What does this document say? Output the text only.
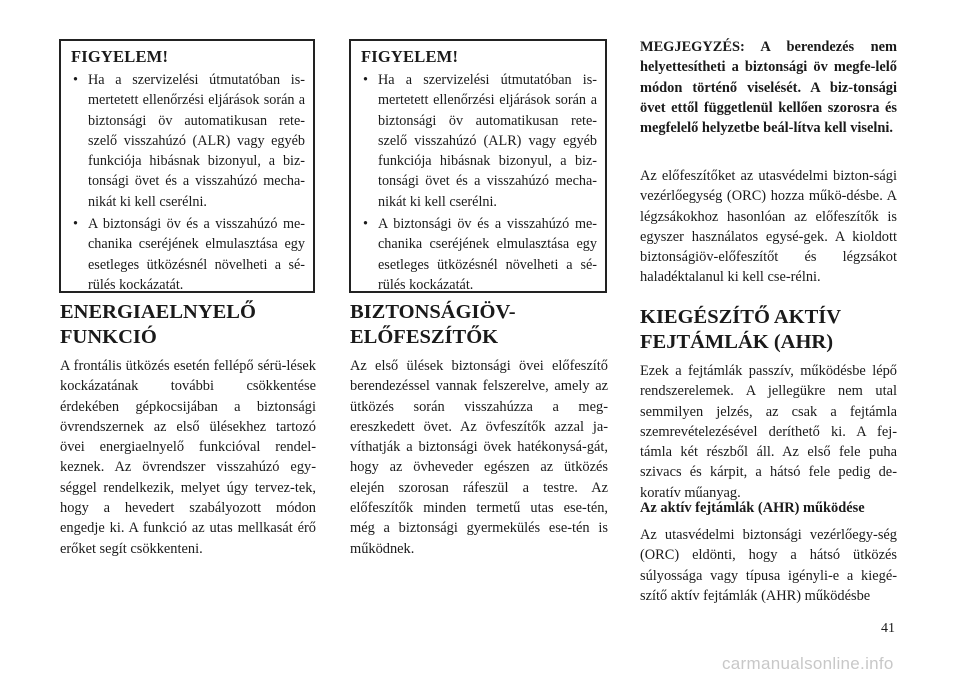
FIGYELEM!
• Ha a szervizelési útmutatóban is-mertetett ellenőrzési eljárások során a biztonsági öv automatikusan rete-szelő visszahúzó (ALR) vagy egyéb funkciója hibásnak bizonyul, a biz-tonsági övet és a visszahúzó mecha-nikát ki kell cserélni.
• A biztonsági öv és a visszahúzó me-chanika cseréjének elmulasztása egy esetleges ütközésnél növelheti a sé-rülés kockázatát.
ENERGIAELNYELŐ
FUNKCIÓ

A frontális ütközés esetén fellépő sérü-lések kockázatának további csökkentése érdekében gépkocsijában a biztonsági övrendszernek az első ülésekhez tartozó övei energiaelnyelő funkcióval rendel-keznek. Az övrendszer visszahúzó egy-séggel rendelkezik, melyet úgy tervez-tek, hogy a hevedert szabályozott módon engedje ki. A funkció az utas mellkasát érő erőket segít csökkenteni.

FIGYELEM!
• Ha a szervizelési útmutatóban is-mertetett ellenőrzési eljárások során a biztonsági öv automatikusan rete-szelő visszahúzó (ALR) vagy egyéb funkciója hibásnak bizonyul, a biz-tonsági övet és a visszahúzó mecha-nikát ki kell cserélni.
• A biztonsági öv és a visszahúzó me-chanika cseréjének elmulasztása egy esetleges ütközésnél növelheti a sé-rülés kockázatát.
BIZTONSÁGIÖV-
ELŐFESZÍTŐK

Az első ülések biztonsági övei előfeszítő berendezéssel vannak felszerelve, amely az ütközés során visszahúzza a meg-ereszkedett övet. Az övfeszítők azzal ja-víthatják a biztonsági övek hatékonysá-gát, hogy az övheveder egészen az ütközés elején szorosan ráfeszül a testre. Az előfeszítők minden termetű utas ese-tén, még a biztonsági gyermekülés ese-tén is működnek.

MEGJEGYZÉS: A berendezés nem helyettesítheti a biztonsági öv megfe-lelő módon történő viselését. A biz-tonsági övet ettől függetlenül kellően szorosra és megfelelő helyzetbe beál-lítva kell viselni.

Az előfeszítőket az utasvédelmi bizton-sági vezérlőegység (ORC) hozza műkö-désbe. A légzsákokhoz hasonlóan az előfeszítők is egyszer használatos egysé-gek. A kioldott biztonságiöv-előfeszítőt és légzsákot haladéktalanul ki kell cse-rélni.

KIEGÉSZÍTŐ AKTÍV
FEJTÁMLÁK (AHR)

Ezek a fejtámlák passzív, működésbe lépő rendszerelemek. A jellegükre nem utal semmilyen jelzés, az csak a fejtámla szemrevételezésével deríthető ki. A fej-támla két részből áll. Az első fele puha szivacs és kárpit, a hátsó fele pedig de-koratív műanyag.

Az aktív fejtámlák (AHR) működése

Az utasvédelmi biztonsági vezérlőegy-ség (ORC) eldönti, hogy a hátsó ütközés súlyossága vagy típusa igényli-e a kiegé-szítő aktív fejtámlák (AHR) működésbe

41
carmanualsonline.info
